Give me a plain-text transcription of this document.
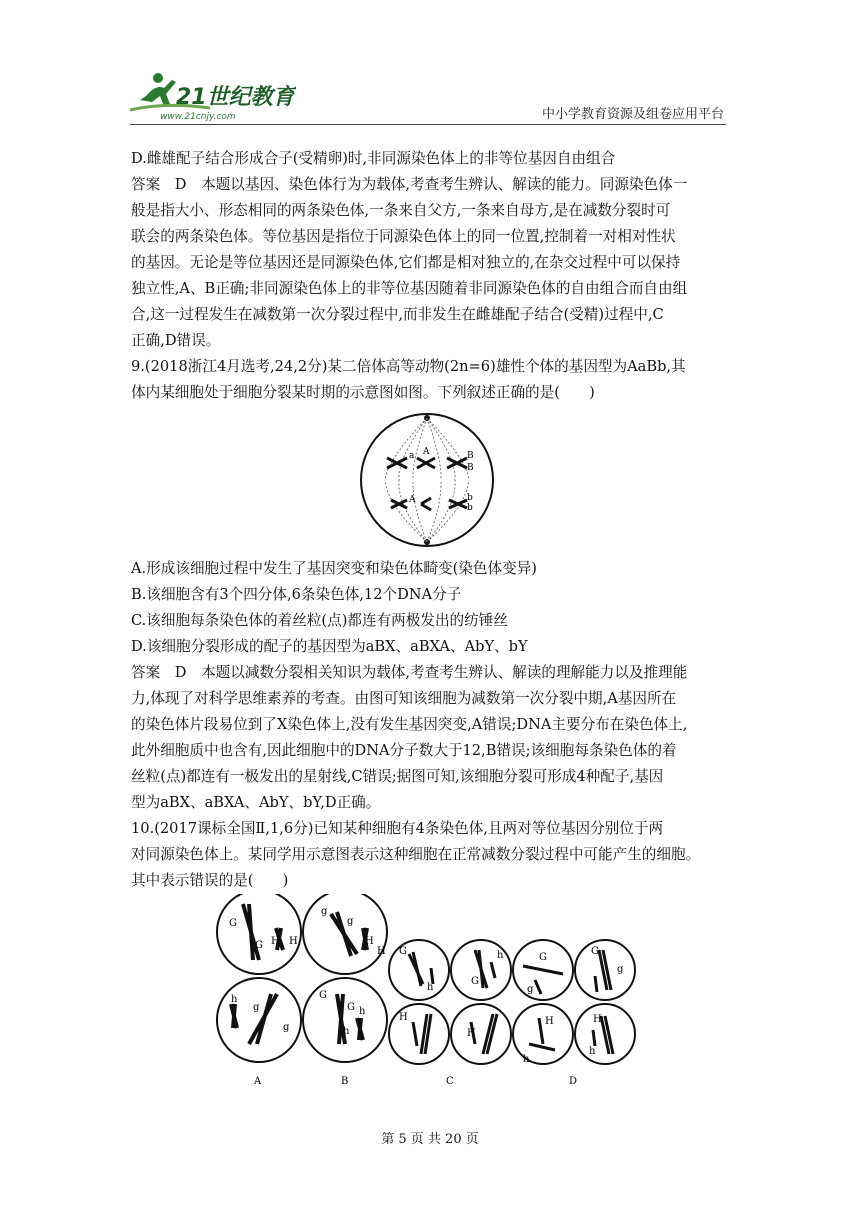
21世纪教育
www.21cnjy.com	中小学教育资源及组卷应用平台
D.雌雄配子结合形成合子(受精卵)时,非同源染色体上的非等位基因自由组合
答案　D　本题以基因、染色体行为为载体,考查考生辨认、解读的能力。同源染色体一
般是指大小、形态相同的两条染色体,一条来自父方,一条来自母方,是在减数分裂时可
联会的两条染色体。等位基因是指位于同源染色体上的同一位置,控制着一对相对性状
的基因。无论是等位基因还是同源染色体,它们都是相对独立的,在杂交过程中可以保持
独立性,A、B正确;非同源染色体上的非等位基因随着非同源染色体的自由组合而自由组
合,这一过程发生在减数第一次分裂过程中,而非发生在雌雄配子结合(受精)过程中,C
正确,D错误。
9.(2018浙江4月选考,24,2分)某二倍体高等动物(2n=6)雄性个体的基因型为AaBb,其
体内某细胞处于细胞分裂某时期的示意图如图。下列叙述正确的是(　　)
a A	B
B
A	b
b
A.形成该细胞过程中发生了基因突变和染色体畸变(染色体变异)
B.该细胞含有3个四分体,6条染色体,12个DNA分子
C.该细胞每条染色体的着丝粒(点)都连有两极发出的纺锤丝
D.该细胞分裂形成的配子的基因型为aBX、aBXA、AbY、bY
答案　D　本题以减数分裂相关知识为载体,考查考生辨认、解读的理解能力以及推理能
力,体现了对科学思维素养的考查。由图可知该细胞为减数第一次分裂中期,A基因所在
的染色体片段易位到了X染色体上,没有发生基因突变,A错误;DNA主要分布在染色体上,
此外细胞质中也含有,因此细胞中的DNA分子数大于12,B错误;该细胞每条染色体的着
丝粒(点)都连有一极发出的星射线,C错误;据图可知,该细胞分裂可形成4种配子,基因
型为aBX、aBXA、AbY、bY,D正确。
10.(2017课标全国Ⅱ,1,6分)已知某种细胞有4条染色体,且两对等位基因分别位于两
对同源染色体上。某同学用示意图表示这种细胞在正常减数分裂过程中可能产生的细胞。
其中表示错误的是(　　)
G
G H H
h
g
g
A
g
g
H
H
G
G
h
h
B
G
h
G
h
H
H
C
G
g
G
g
H	H
h
h
D
第 5 页 共 20 页
